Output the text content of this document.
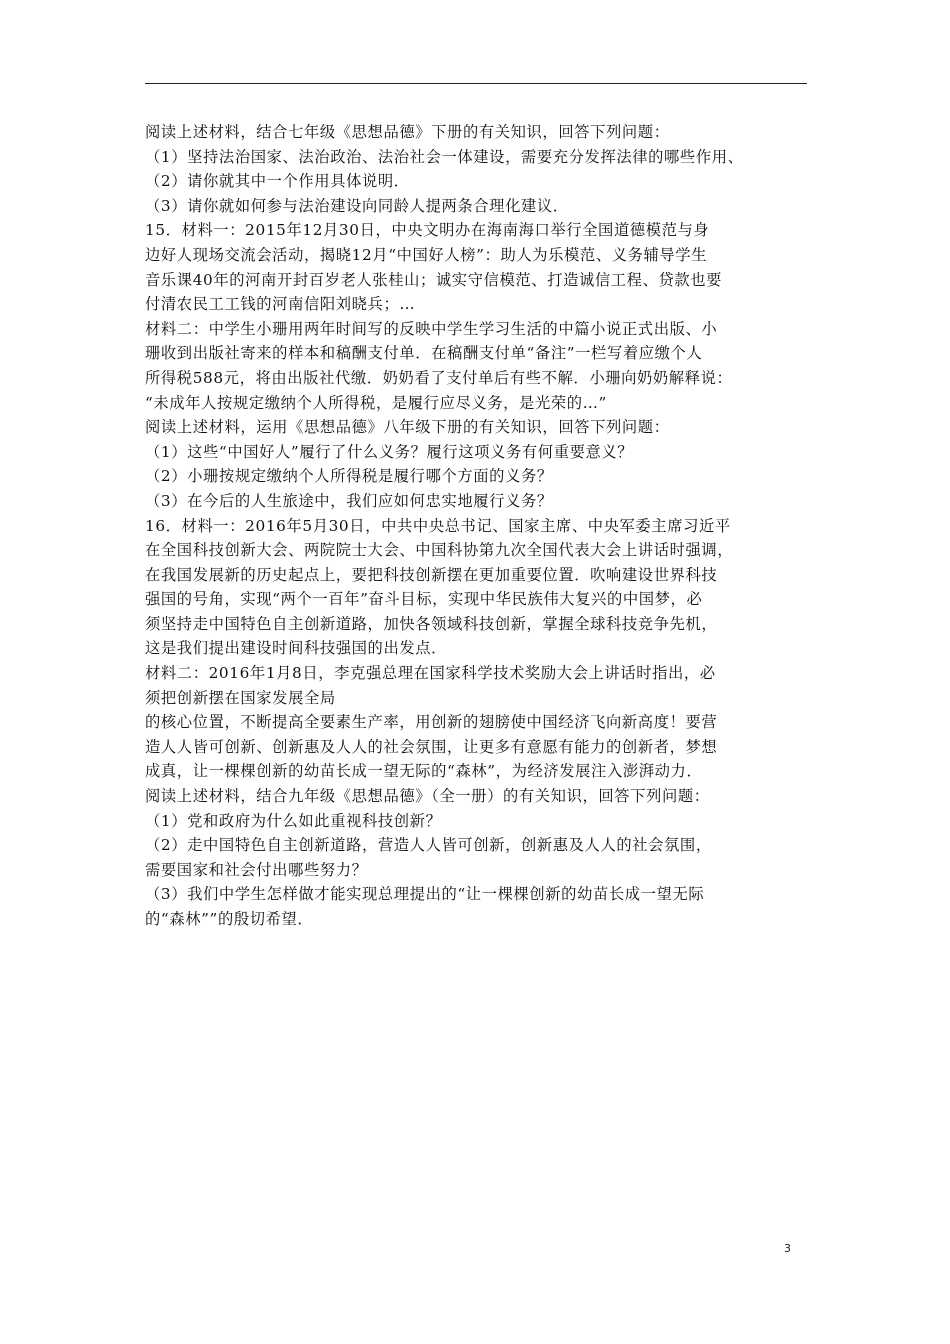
阅读上述材料，结合七年级《思想品德》下册的有关知识，回答下列问题：
（1）坚持法治国家、法治政治、法治社会一体建设，需要充分发挥法律的哪些作用、
（2）请你就其中一个作用具体说明．
（3）请你就如何参与法治建设向同龄人提两条合理化建议．
15．材料一：2015年12月30日，中央文明办在海南海口举行全国道德模范与身
边好人现场交流会活动，揭晓12月“中国好人榜”：助人为乐模范、义务辅导学生
音乐课40年的河南开封百岁老人张桂山；诚实守信模范、打造诚信工程、贷款也要
付清农民工工钱的河南信阳刘晓兵；…
材料二：中学生小珊用两年时间写的反映中学生学习生活的中篇小说正式出版、小
珊收到出版社寄来的样本和稿酬支付单．在稿酬支付单“备注”一栏写着应缴个人
所得税588元，将由出版社代缴．奶奶看了支付单后有些不解．小珊向奶奶解释说：
“未成年人按规定缴纳个人所得税，是履行应尽义务，是光荣的…”
阅读上述材料，运用《思想品德》八年级下册的有关知识，回答下列问题：
（1）这些“中国好人”履行了什么义务？履行这项义务有何重要意义？
（2）小珊按规定缴纳个人所得税是履行哪个方面的义务？
（3）在今后的人生旅途中，我们应如何忠实地履行义务？
16．材料一：2016年5月30日，中共中央总书记、国家主席、中央军委主席习近平
在全国科技创新大会、两院院士大会、中国科协第九次全国代表大会上讲话时强调，
在我国发展新的历史起点上，要把科技创新摆在更加重要位置．吹响建设世界科技
强国的号角，实现“两个一百年”奋斗目标，实现中华民族伟大复兴的中国梦，必
须坚持走中国特色自主创新道路，加快各领域科技创新，掌握全球科技竞争先机，
这是我们提出建设时间科技强国的出发点．
材料二：2016年1月8日，李克强总理在国家科学技术奖励大会上讲话时指出，必
须把创新摆在国家发展全局
的核心位置，不断提高全要素生产率，用创新的翅膀使中国经济飞向新高度！要营
造人人皆可创新、创新惠及人人的社会氛围，让更多有意愿有能力的创新者，梦想
成真，让一棵棵创新的幼苗长成一望无际的“森林”，为经济发展注入澎湃动力．
阅读上述材料，结合九年级《思想品德》（全一册）的有关知识，回答下列问题：
（1）党和政府为什么如此重视科技创新？
（2）走中国特色自主创新道路，营造人人皆可创新，创新惠及人人的社会氛围，
需要国家和社会付出哪些努力？
（3）我们中学生怎样做才能实现总理提出的“让一棵棵创新的幼苗长成一望无际
的“森林””的殷切希望．
3
